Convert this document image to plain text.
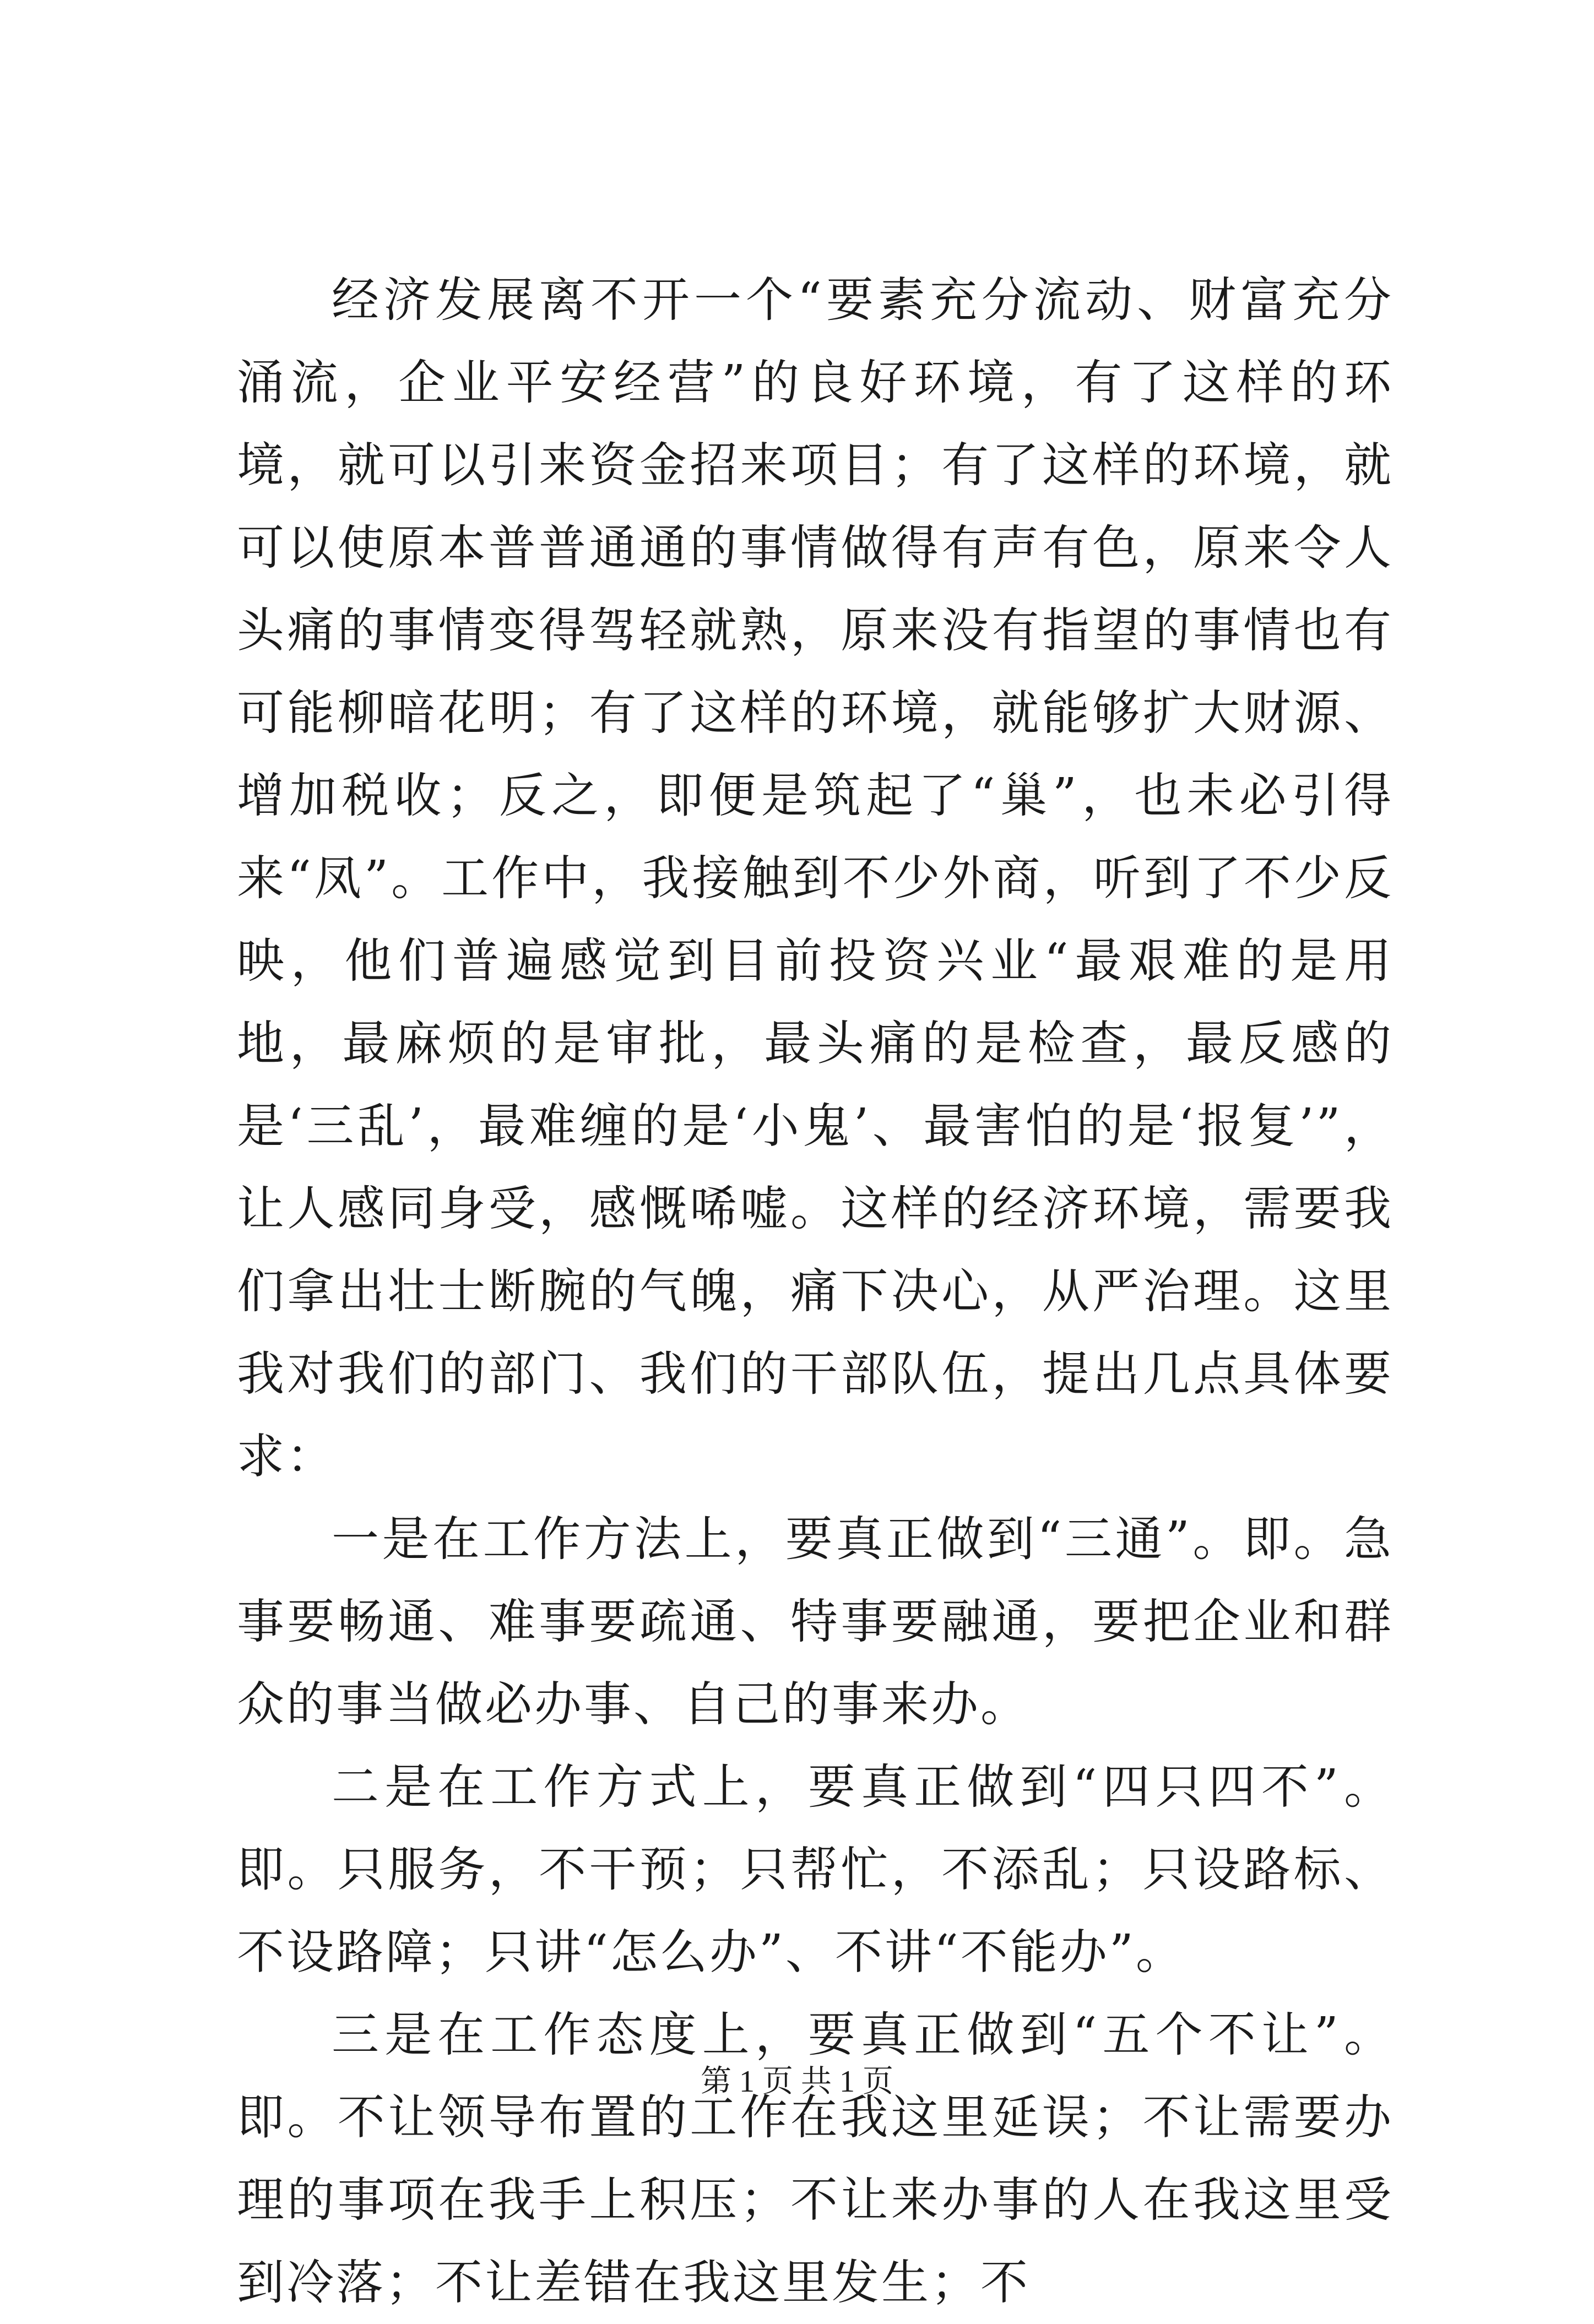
经济发展离不开一个“要素充分流动、财富充分涌流，企业平安经营”的良好环境，有了这样的环境，就可以引来资金招来项目；有了这样的环境，就可以使原本普普通通的事情做得有声有色，原来令人头痛的事情变得驾轻就熟，原来没有指望的事情也有可能柳暗花明；有了这样的环境，就能够扩大财源、增加税收；反之，即便是筑起了“巢”，也未必引得来“凤”。工作中，我接触到不少外商，听到了不少反映，他们普遍感觉到目前投资兴业“最艰难的是用地，最麻烦的是审批，最头痛的是检查，最反感的是‘三乱’，最难缠的是‘小鬼’、最害怕的是‘报复’”，让人感同身受，感慨唏嘘。这样的经济环境，需要我们拿出壮士断腕的气魄，痛下决心，从严治理。这里我对我们的部门、我们的干部队伍，提出几点具体要求：

一是在工作方法上，要真正做到“三通”。即。急事要畅通、难事要疏通、特事要融通，要把企业和群众的事当做必办事、自己的事来办。

二是在工作方式上，要真正做到“四只四不”。即。只服务，不干预；只帮忙，不添乱；只设路标、不设路障；只讲“怎么办”、不讲“不能办”。

三是在工作态度上，要真正做到“五个不让”。即。不让领导布置的工作在我这里延误；不让需要办理的事项在我手上积压；不让来办事的人在我这里受到冷落；不让差错在我这里发生；不

第 1 页 共 1 页
